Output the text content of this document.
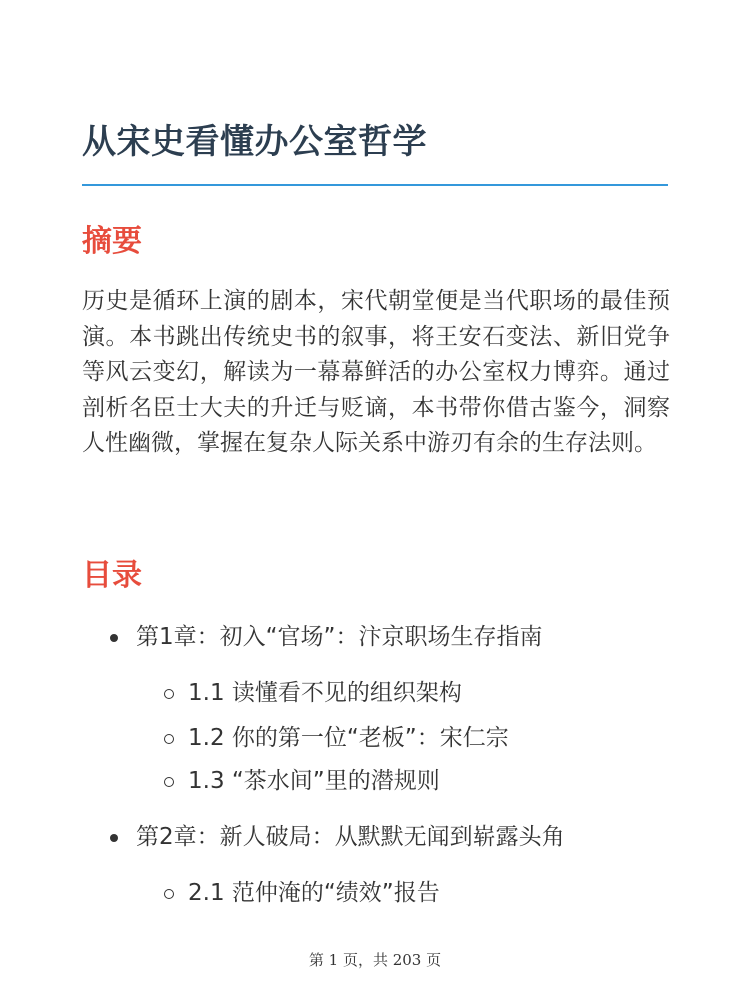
从宋史看懂办公室哲学
摘要

历史是循环上演的剧本，宋代朝堂便是当代职场的最佳预演。本书跳出传统史书的叙事，将王安石变法、新旧党争等风云变幻，解读为一幕幕鲜活的办公室权力博弈。通过剖析名臣士大夫的升迁与贬谪，本书带你借古鉴今，洞察人性幽微，掌握在复杂人际关系中游刃有余的生存法则。

目录
第1章：初入“官场”：汴京职场生存指南
1.1 读懂看不见的组织架构
1.2 你的第一位“老板”：宋仁宗
1.3 “茶水间”里的潜规则
第2章：新人破局：从默默无闻到崭露头角
2.1 范仲淹的“绩效”报告
第 1 页，共 203 页
